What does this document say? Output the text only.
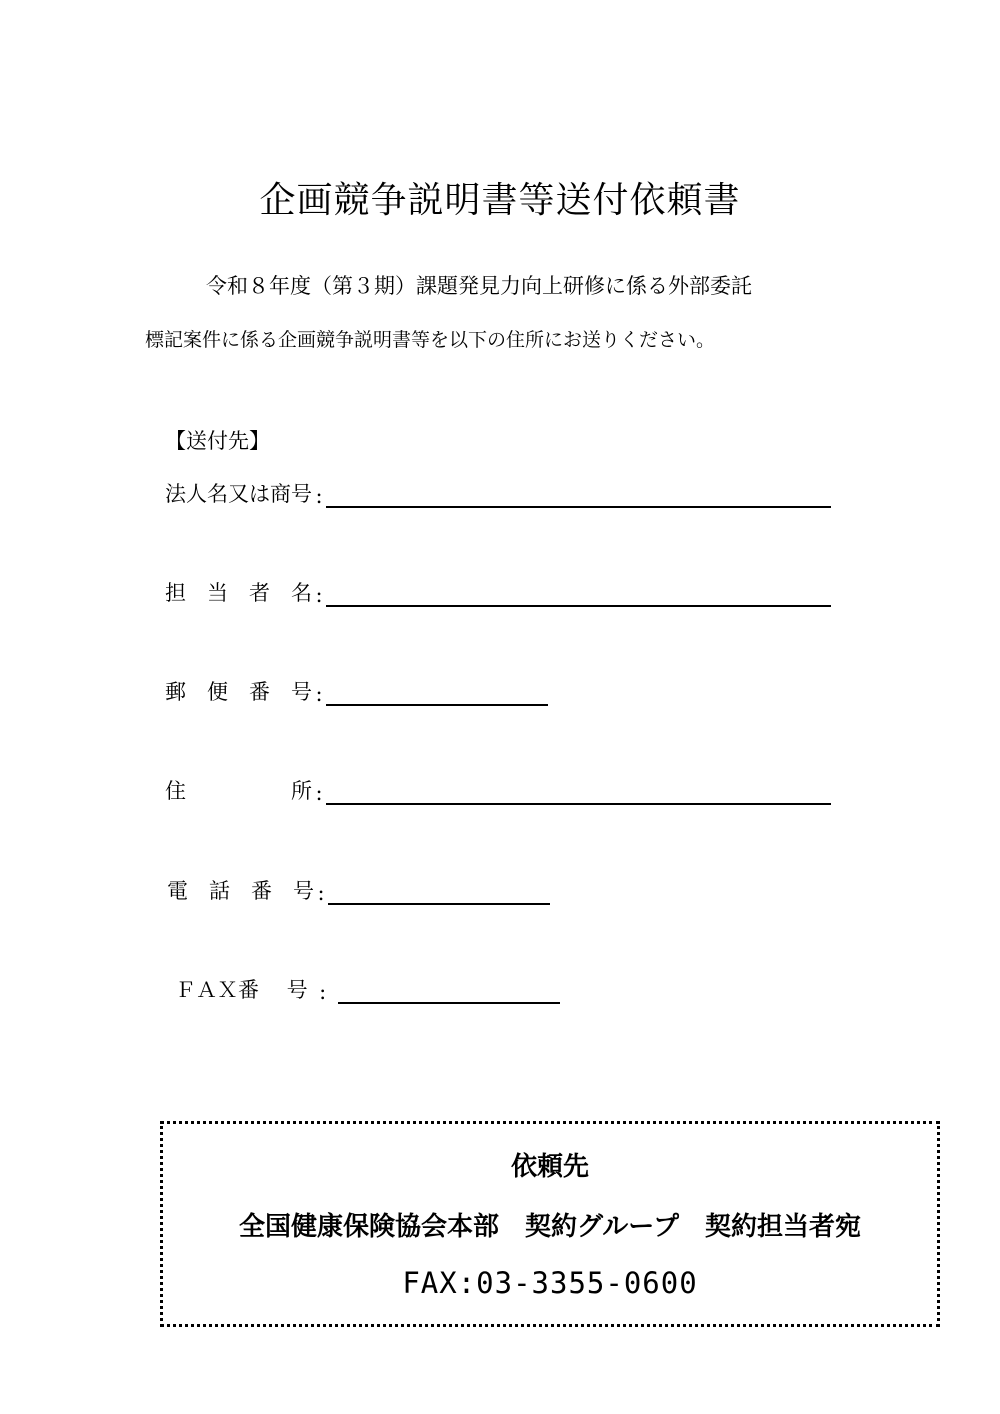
企画競争説明書等送付依頼書
令和８年度（第３期）課題発見力向上研修に係る外部委託
標記案件に係る企画競争説明書等を以下の住所にお送りください。
【送付先】
法人名又は商号 :
担　当　者　名 :
郵　便　番　号 :
住　　　　　所 :
電　話　番　号 :
ＦＡＸ番　 号 :
依頼先
全国健康保険協会本部　契約グループ　契約担当者宛
FAX:03-3355-0600
